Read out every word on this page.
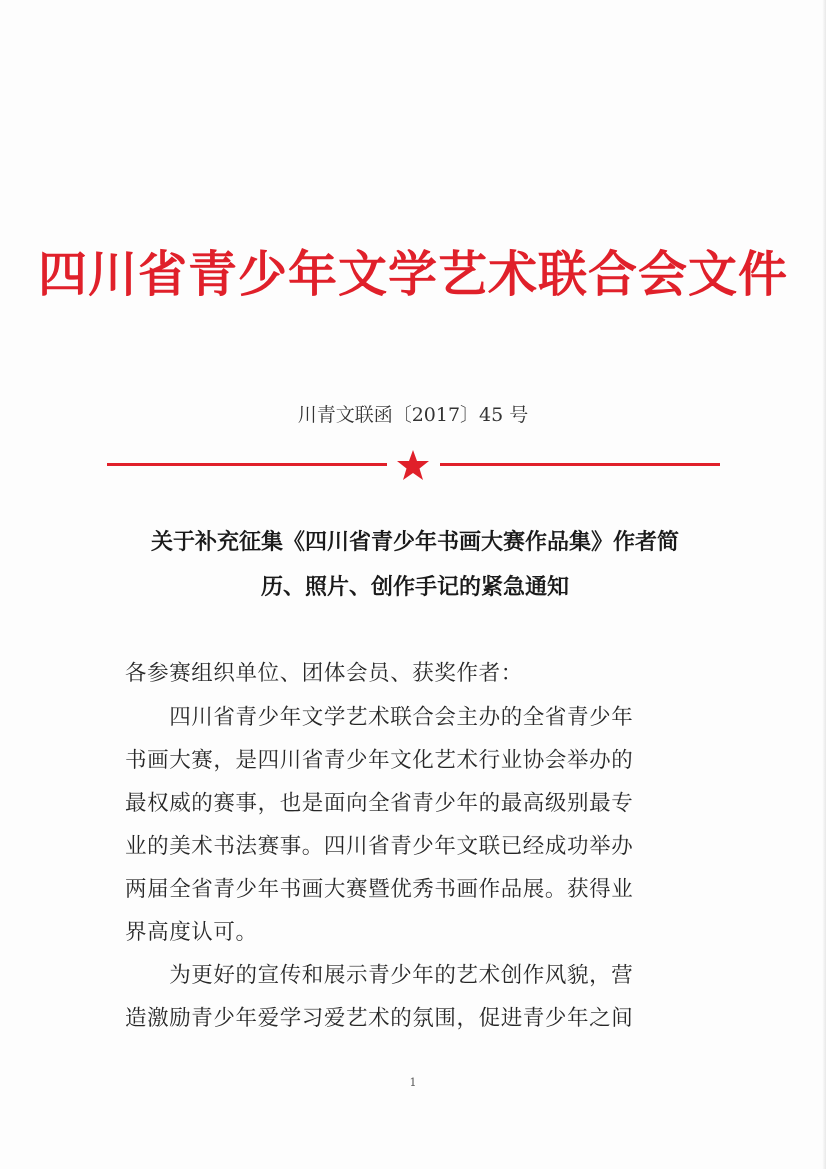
四川省青少年文学艺术联合会文件
川青文联函〔2017〕45 号
关于补充征集《四川省青少年书画大赛作品集》作者简
历、照片、创作手记的紧急通知
各参赛组织单位、团体会员、获奖作者：
　　四川省青少年文学艺术联合会主办的全省青少年
书画大赛，是四川省青少年文化艺术行业协会举办的
最权威的赛事，也是面向全省青少年的最高级别最专
业的美术书法赛事。四川省青少年文联已经成功举办
两届全省青少年书画大赛暨优秀书画作品展。获得业
界高度认可。
　　为更好的宣传和展示青少年的艺术创作风貌，营
造激励青少年爱学习爱艺术的氛围，促进青少年之间
1
